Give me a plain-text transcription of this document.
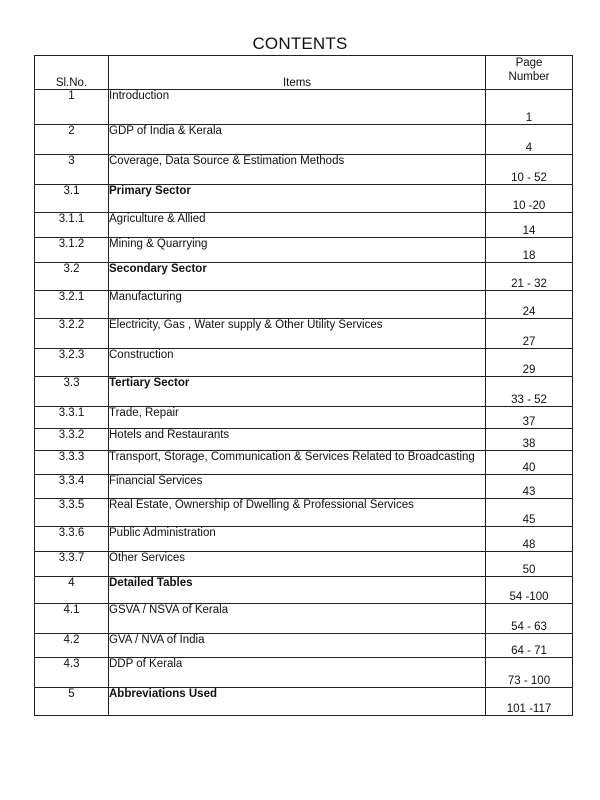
CONTENTS
Sl.No.	Items	Page
Number
1	Introduction	1
2	GDP of India & Kerala	4
3	Coverage, Data Source & Estimation Methods	10 - 52
3.1	Primary Sector	10 -20
3.1.1	Agriculture & Allied	14
3.1.2	Mining & Quarrying	18
3.2	Secondary Sector	21 - 32
3.2.1	Manufacturing	24
3.2.2	Electricity, Gas , Water supply & Other Utility Services	27
3.2.3	Construction	29
3.3	Tertiary Sector	33 - 52
3.3.1	Trade, Repair	37
3.3.2	Hotels and Restaurants	38
3.3.3	Transport, Storage, Communication & Services Related to Broadcasting	40
3.3.4	Financial Services	43
3.3.5	Real Estate, Ownership of Dwelling & Professional Services	45
3.3.6	Public Administration	48
3.3.7	Other Services	50
4	Detailed Tables	54 -100
4.1	GSVA / NSVA of Kerala	54 - 63
4.2	GVA / NVA of India	64 - 71
4.3	DDP of Kerala	73 - 100
5	Abbreviations Used	101 -117
